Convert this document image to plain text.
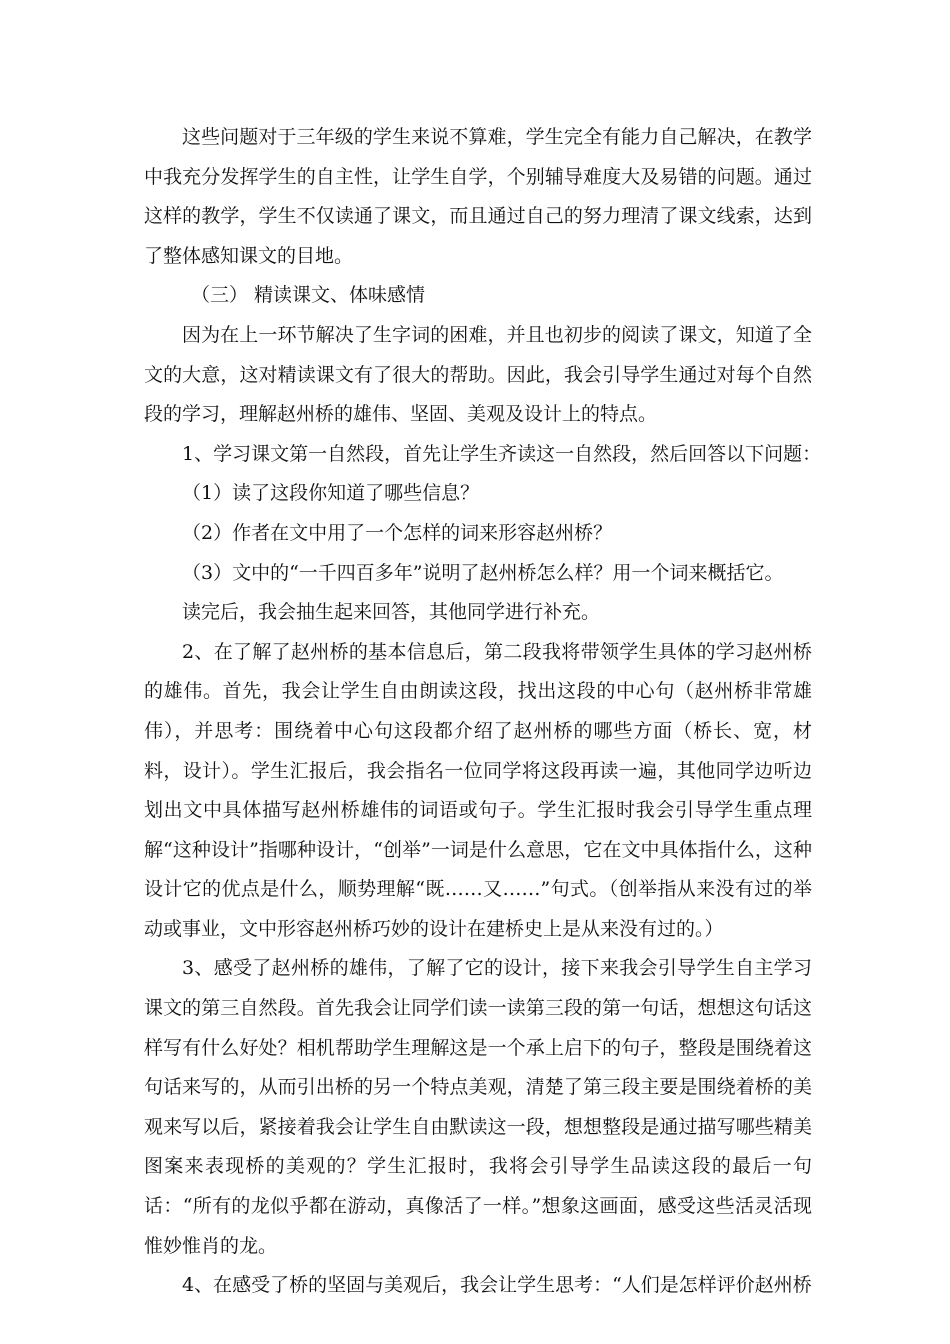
这些问题对于三年级的学生来说不算难，学生完全有能力自己解决，在教学中我充分发挥学生的自主性，让学生自学，个别辅导难度大及易错的问题。通过这样的教学，学生不仅读通了课文，而且通过自己的努力理清了课文线索，达到了整体感知课文的目地。

（三） 精读课文、体味感情

因为在上一环节解决了生字词的困难，并且也初步的阅读了课文，知道了全文的大意，这对精读课文有了很大的帮助。因此，我会引导学生通过对每个自然段的学习，理解赵州桥的雄伟、坚固、美观及设计上的特点。

1、学习课文第一自然段，首先让学生齐读这一自然段，然后回答以下问题：

（1）读了这段你知道了哪些信息？

（2）作者在文中用了一个怎样的词来形容赵州桥？

（3）文中的“一千四百多年”说明了赵州桥怎么样？用一个词来概括它。

读完后，我会抽生起来回答，其他同学进行补充。

2、在了解了赵州桥的基本信息后，第二段我将带领学生具体的学习赵州桥的雄伟。首先，我会让学生自由朗读这段，找出这段的中心句（赵州桥非常雄伟），并思考：围绕着中心句这段都介绍了赵州桥的哪些方面（桥长、宽，材料，设计）。学生汇报后，我会指名一位同学将这段再读一遍，其他同学边听边划出文中具体描写赵州桥雄伟的词语或句子。学生汇报时我会引导学生重点理解“这种设计”指哪种设计，“创举”一词是什么意思，它在文中具体指什么，这种设计它的优点是什么，顺势理解“既……又……”句式。（创举指从来没有过的举动或事业，文中形容赵州桥巧妙的设计在建桥史上是从来没有过的。）

3、感受了赵州桥的雄伟，了解了它的设计，接下来我会引导学生自主学习课文的第三自然段。首先我会让同学们读一读第三段的第一句话，想想这句话这样写有什么好处？相机帮助学生理解这是一个承上启下的句子，整段是围绕着这句话来写的，从而引出桥的另一个特点美观，清楚了第三段主要是围绕着桥的美观来写以后，紧接着我会让学生自由默读这一段，想想整段是通过描写哪些精美图案来表现桥的美观的？学生汇报时，我将会引导学生品读这段的最后一句话：“所有的龙似乎都在游动，真像活了一样。”想象这画面，感受这些活灵活现惟妙惟肖的龙。

4、在感受了桥的坚固与美观后，我会让学生思考：“人们是怎样评价赵州桥
